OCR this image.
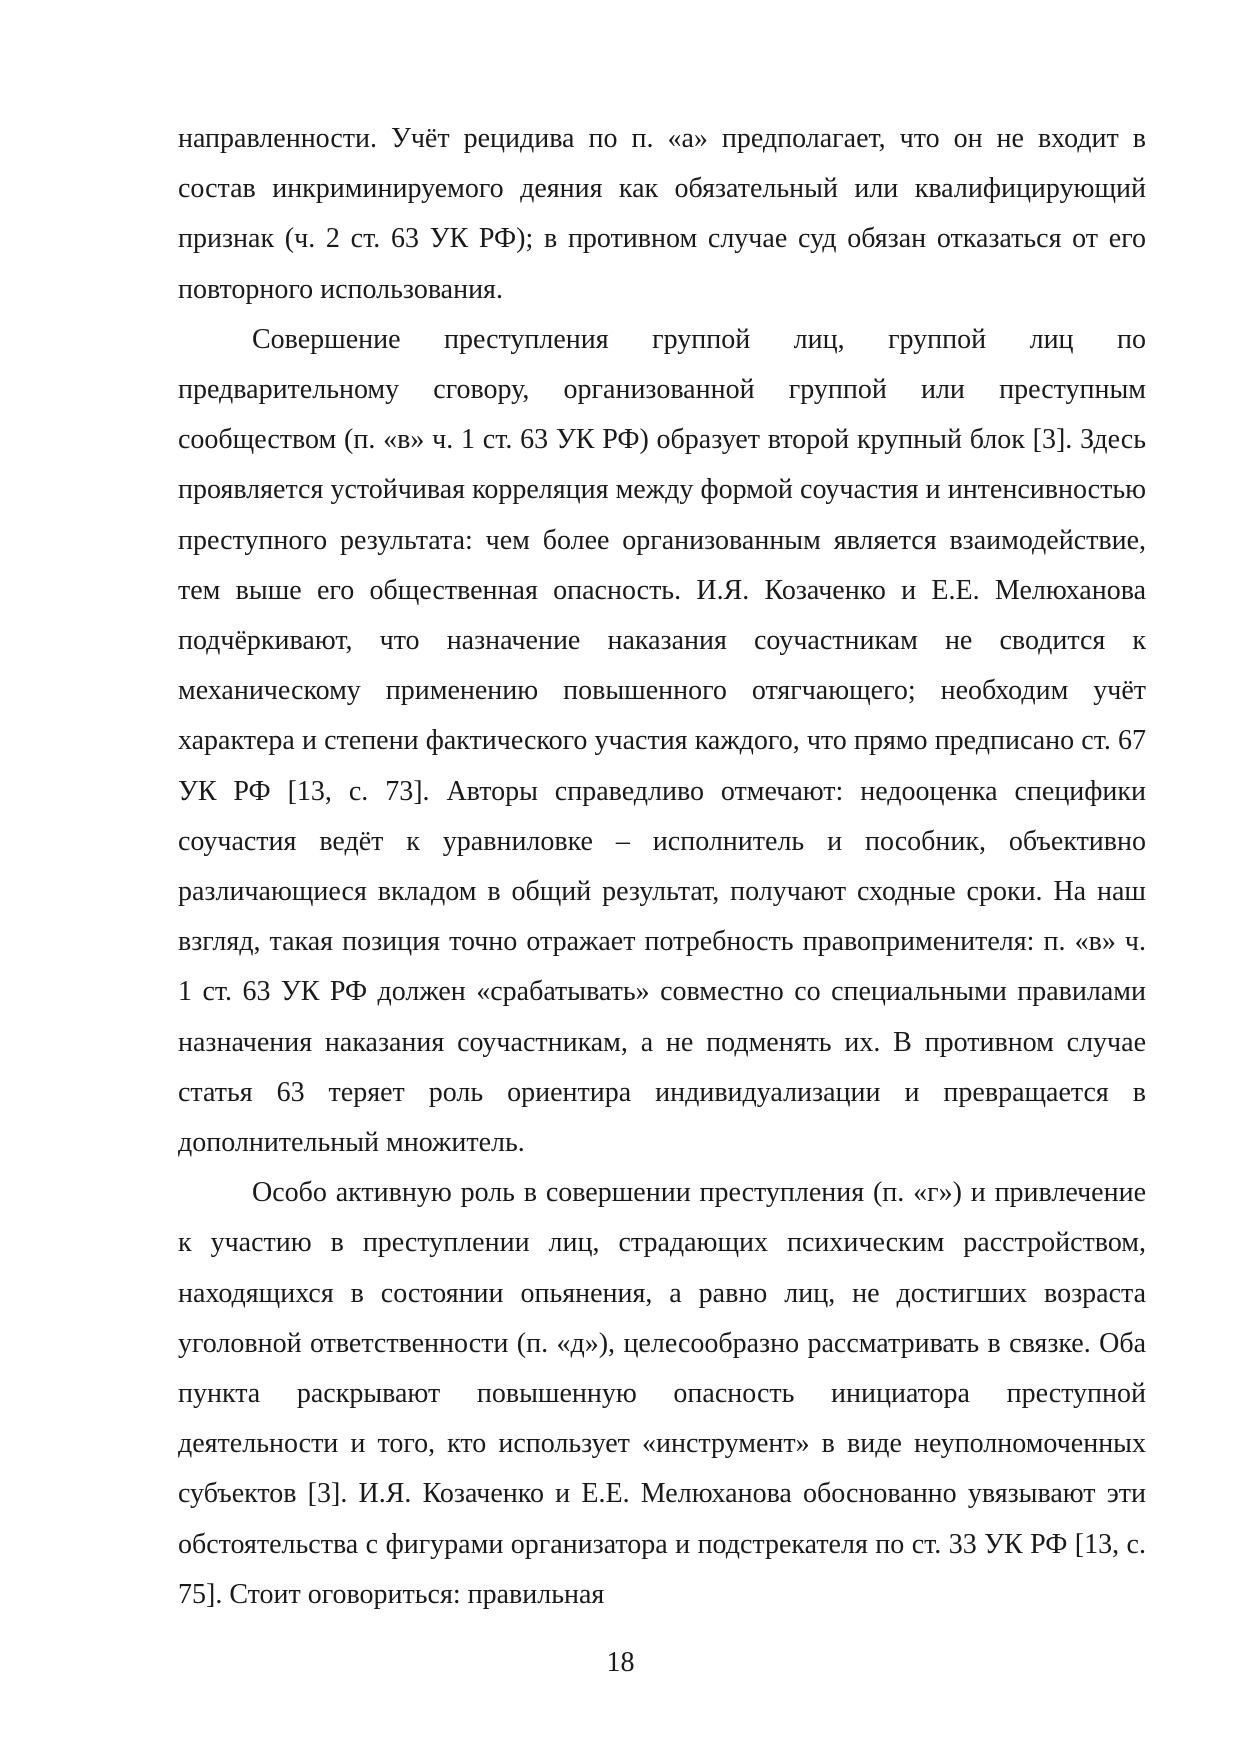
направленности. Учёт рецидива по п. «а» предполагает, что он не входит в состав инкриминируемого деяния как обязательный или квалифицирующий признак (ч. 2 ст. 63 УК РФ); в противном случае суд обязан отказаться от его повторного использования.

Совершение преступления группой лиц, группой лиц по предварительному сговору, организованной группой или преступным сообществом (п. «в» ч. 1 ст. 63 УК РФ) образует второй крупный блок [3]. Здесь проявляется устойчивая корреляция между формой соучастия и интенсивностью преступного результата: чем более организованным является взаимодействие, тем выше его общественная опасность. И.Я. Козаченко и Е.Е. Мелюханова подчёркивают, что назначение наказания соучастникам не сводится к механическому применению повышенного отягчающего; необходим учёт характера и степени фактического участия каждого, что прямо предписано ст. 67 УК РФ [13, с. 73]. Авторы справедливо отмечают: недооценка специфики соучастия ведёт к уравниловке – исполнитель и пособник, объективно различающиеся вкладом в общий результат, получают сходные сроки. На наш взгляд, такая позиция точно отражает потребность правоприменителя: п. «в» ч. 1 ст. 63 УК РФ должен «срабатывать» совместно со специальными правилами назначения наказания соучастникам, а не подменять их. В противном случае статья 63 теряет роль ориентира индивидуализации и превращается в дополнительный множитель.

Особо активную роль в совершении преступления (п. «г») и привлечение к участию в преступлении лиц, страдающих психическим расстройством, находящихся в состоянии опьянения, а равно лиц, не достигших возраста уголовной ответственности (п. «д»), целесообразно рассматривать в связке. Оба пункта раскрывают повышенную опасность инициатора преступной деятельности и того, кто использует «инструмент» в виде неуполномоченных субъектов [3]. И.Я. Козаченко и Е.Е. Мелюханова обоснованно увязывают эти обстоятельства с фигурами организатора и подстрекателя по ст. 33 УК РФ [13, с. 75]. Стоит оговориться: правильная

18
